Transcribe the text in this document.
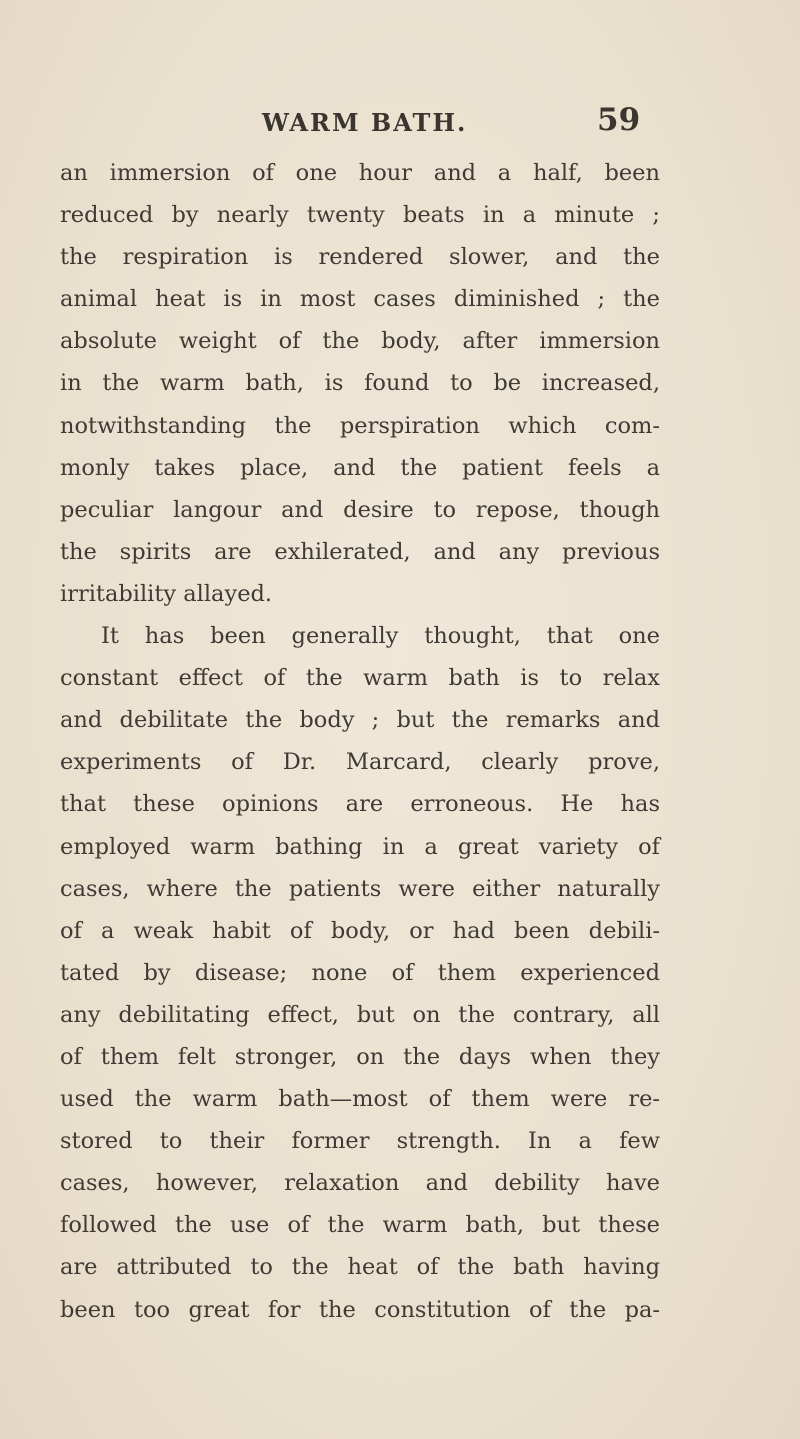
WARM BATH.	59
an immersion of one hour and a half, been
reduced by nearly twenty beats in a minute ;
the respiration is rendered slower, and the
animal heat is in most cases diminished ; the
absolute weight of the body, after immersion
in the warm bath, is found to be increased,
notwithstanding the perspiration which com-
monly takes place, and the patient feels a
peculiar langour and desire to repose, though
the spirits are exhilerated, and any previous
irritability allayed.
It has been generally thought, that one
constant effect of the warm bath is to relax
and debilitate the body ; but the remarks and
experiments of Dr. Marcard, clearly prove,
that these opinions are erroneous. He has
employed warm bathing in a great variety of
cases, where the patients were either naturally
of a weak habit of body, or had been debili-
tated by disease; none of them experienced
any debilitating effect, but on the contrary, all
of them felt stronger, on the days when they
used the warm bath—most of them were re-
stored to their former strength. In a few
cases, however, relaxation and debility have
followed the use of the warm bath, but these
are attributed to the heat of the bath having
been too great for the constitution of the pa-
